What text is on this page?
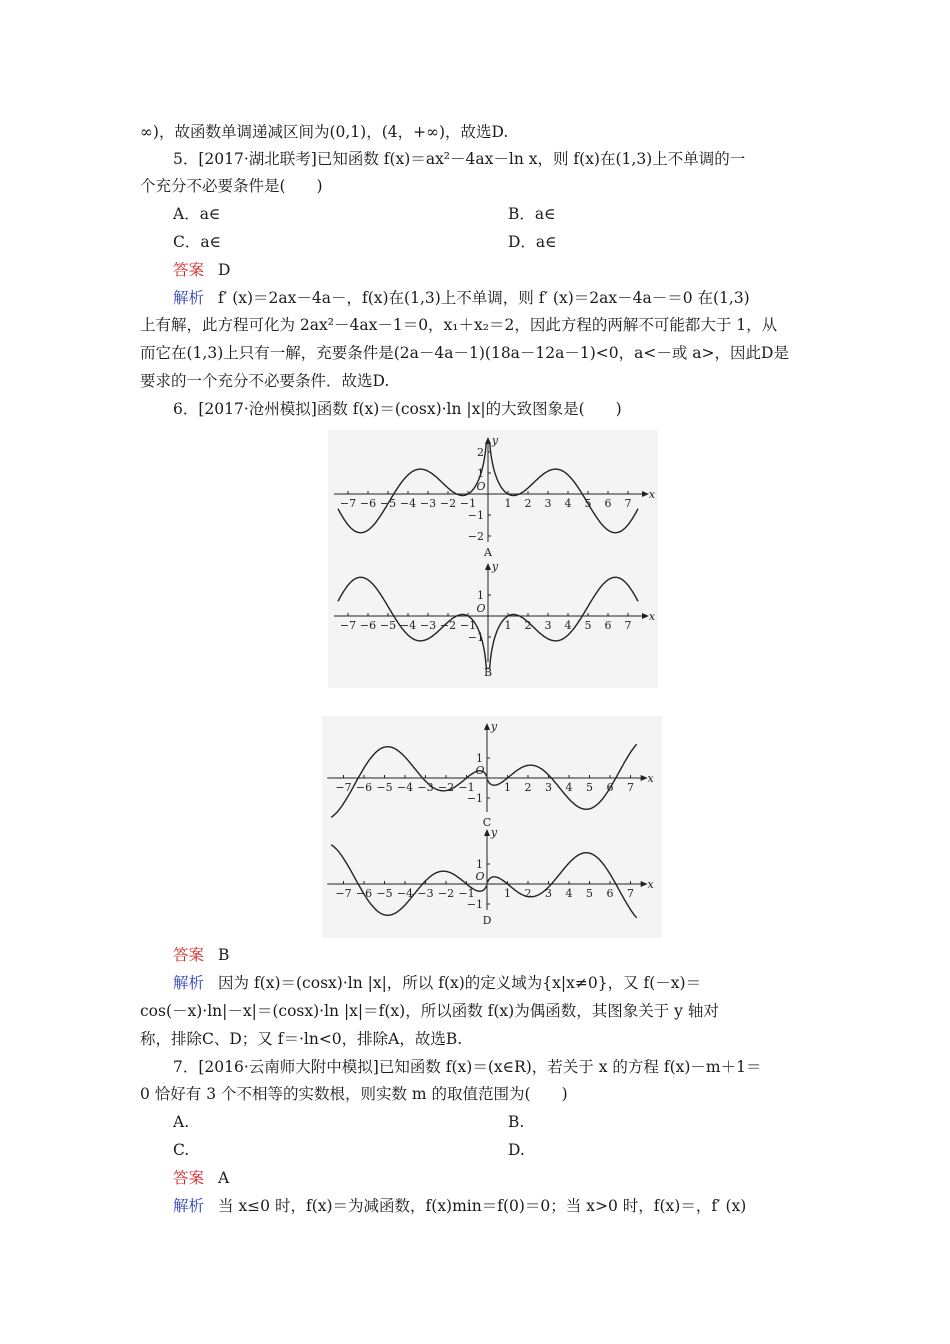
∞)，故函数单调递减区间为(0,1)，(4，+∞)，故选D.
5．[2017·湖北联考]已知函数 f(x)＝ax²－4ax－ln x，则 f(x)在(1,3)上不单调的一
个充分不必要条件是(　　)
A．a∈	B．a∈
C．a∈	D．a∈
答案 D
解析 f′ (x)＝2ax－4a－，f(x)在(1,3)上不单调，则 f′ (x)＝2ax－4a－＝0 在(1,3)
上有解，此方程可化为 2ax²－4ax－1＝0，x₁＋x₂＝2，因此方程的两解不可能都大于 1，从
而它在(1,3)上只有一解，充要条件是(2a－4a－1)(18a－12a－1)<0，a<－或 a>，因此D是
要求的一个充分不必要条件．故选D.
6．[2017·沧州模拟]函数 f(x)＝(cosx)·ln |x|的大致图象是(　　)
x
y
O
−7 −6 −5 −4 −3 −2 −1	1 2 3 4 5 6 7
2
1
−1
−2
A
x
y
O
−7 −6 −5 −4 −3 −2 −1	1 2 3 4 5 6 7
1
−1
B
x
y
O
−7 −6 −5 −4 −3 −2 −1	1 2 3 4 5 6 7
1
−1
C
x
y
O
−7 −6 −5 −4 −3 −2 −1	1 2 3 4 5 6 7
1
−1
D
答案 B
解析 因为 f(x)＝(cosx)·ln |x|，所以 f(x)的定义域为{x|x≠0}，又 f(－x)＝
cos(－x)·ln|－x|＝(cosx)·ln |x|＝f(x)，所以函数 f(x)为偶函数，其图象关于 y 轴对
称，排除C、D；又 f＝·ln<0，排除A，故选B.
7．[2016·云南师大附中模拟]已知函数 f(x)＝(x∈R)，若关于 x 的方程 f(x)－m＋1＝
0 恰好有 3 个不相等的实数根，则实数 m 的取值范围为(　　)
A.	B.
C.	D.
答案 A
解析 当 x≤0 时，f(x)＝为减函数，f(x)min＝f(0)＝0；当 x>0 时，f(x)＝，f′ (x)
